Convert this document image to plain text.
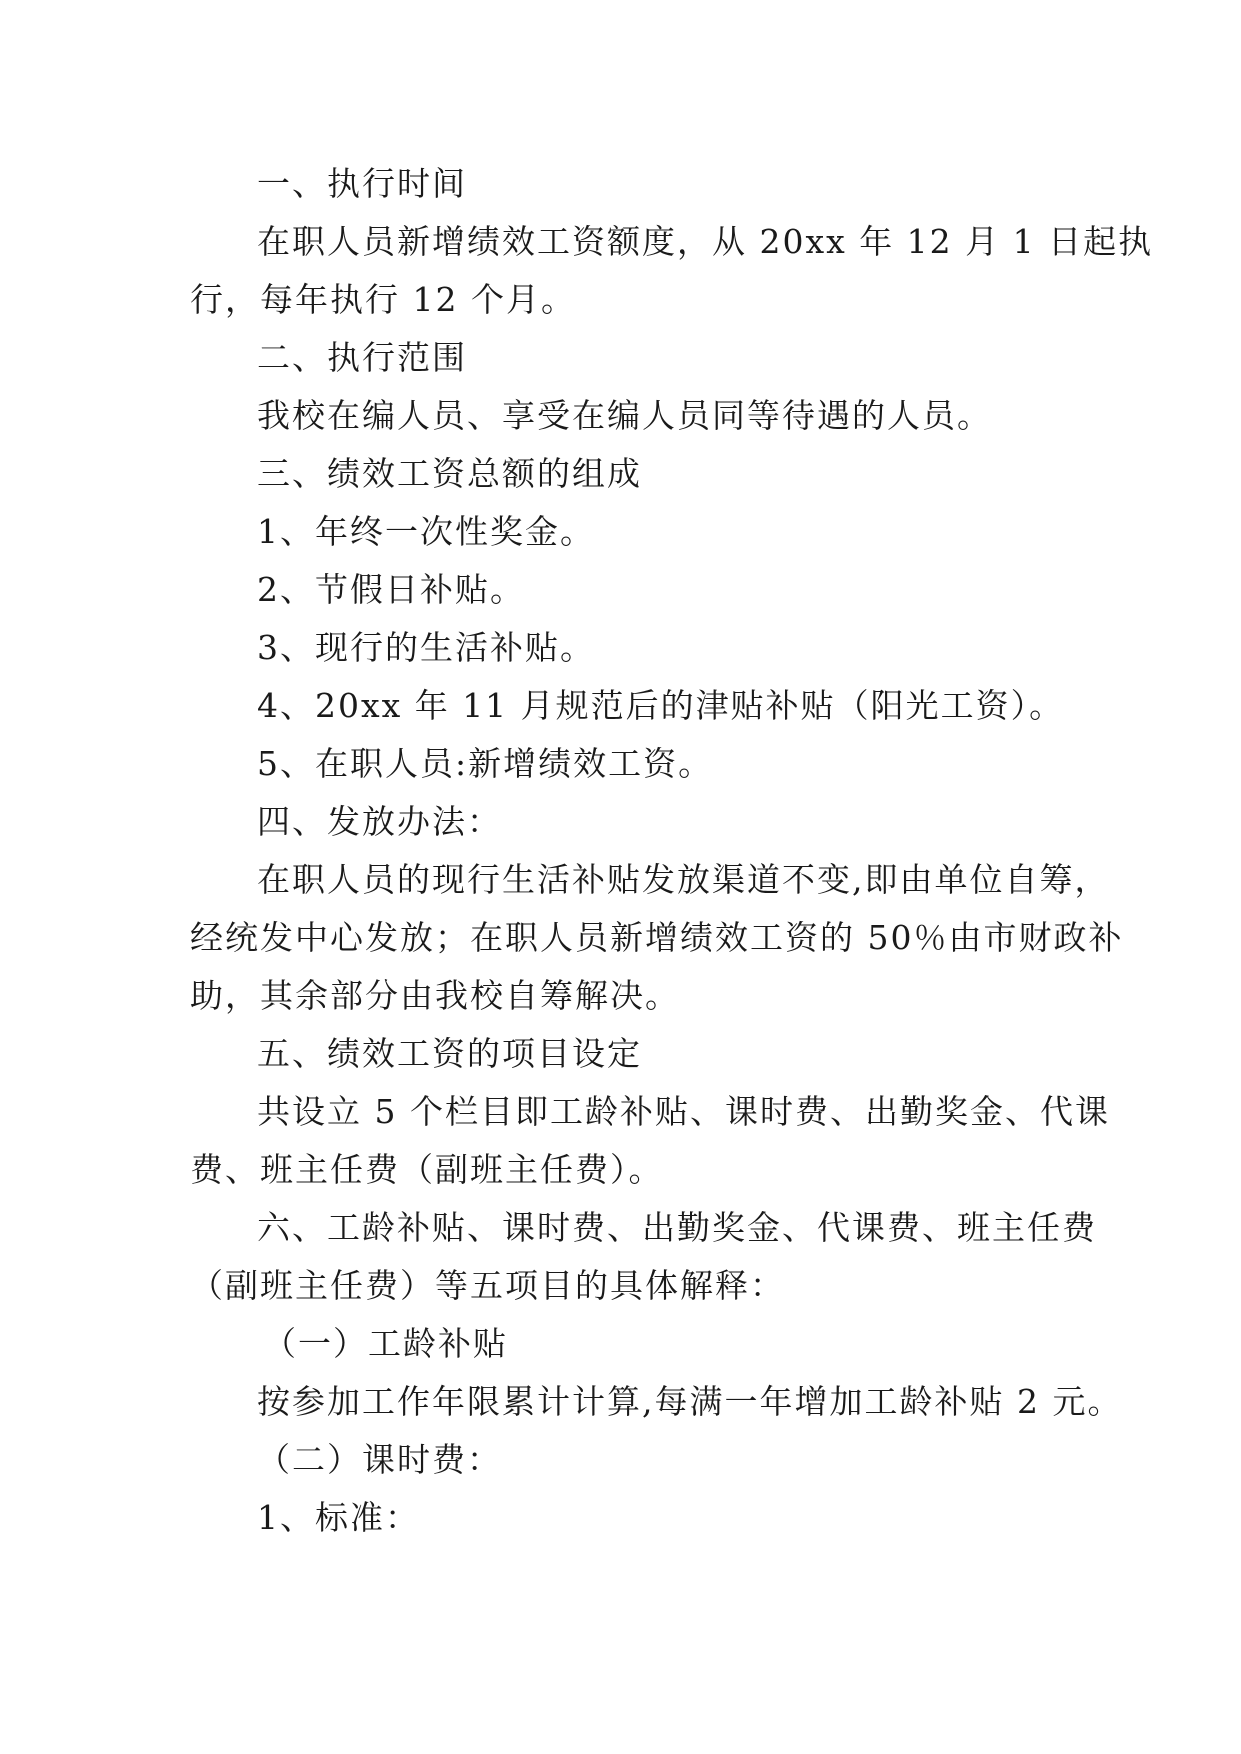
一、执行时间
在职人员新增绩效工资额度，从 20xx 年 12 月 1 日起执
行，每年执行 12 个月。
二、执行范围
我校在编人员、享受在编人员同等待遇的人员。
三、绩效工资总额的组成
1、年终一次性奖金。
2、节假日补贴。
3、现行的生活补贴。
4、20xx 年 11 月规范后的津贴补贴（阳光工资）。
5、在职人员:新增绩效工资。
四、发放办法：
在职人员的现行生活补贴发放渠道不变,即由单位自筹，
经统发中心发放；在职人员新增绩效工资的 50％由市财政补
助，其余部分由我校自筹解决。
五、绩效工资的项目设定
共设立 5 个栏目即工龄补贴、课时费、出勤奖金、代课
费、班主任费（副班主任费）。
六、工龄补贴、课时费、出勤奖金、代课费、班主任费
（副班主任费）等五项目的具体解释：
（一）工龄补贴
按参加工作年限累计计算,每满一年增加工龄补贴 2 元。
（二）课时费：
1、标准：
